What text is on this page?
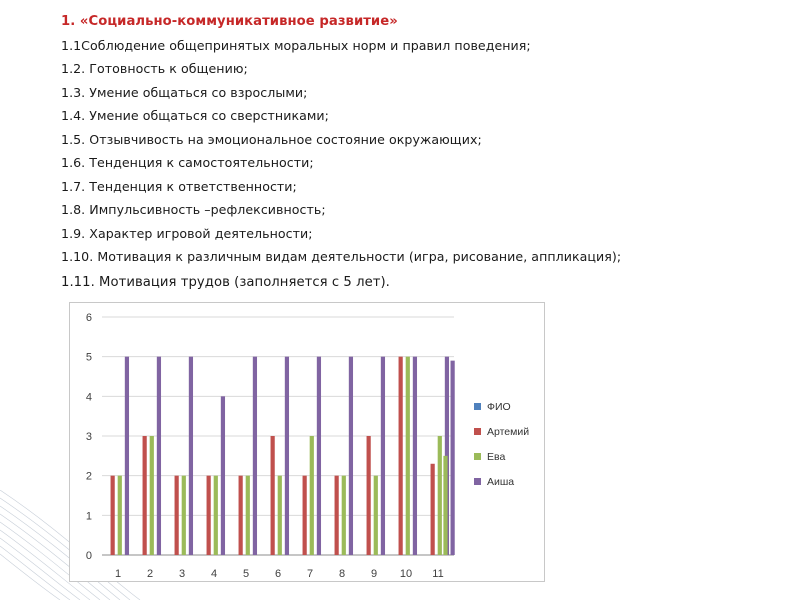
1. «Социально-коммуникативное развитие»
1.1Соблюдение общепринятых моральных норм и правил поведения;
1.2. Готовность к общению;
1.3. Умение общаться со взрослыми;
1.4. Умение общаться со сверстниками;
1.5. Отзывчивость на эмоциональное состояние окружающих;
1.6. Тенденция к самостоятельности;
1.7. Тенденция к ответственности;
1.8. Импульсивность –рефлексивность;
1.9. Характер игровой деятельности;
1.10. Мотивация к различным видам деятельности (игра, рисование, аппликация);
1.11. Мотивация трудов (заполняется с 5 лет).
0
1
2
3
4
5
6
1 2 3 4 5 6 7 8 9 10 11
ФИО
Артемий
Ева
Аиша
